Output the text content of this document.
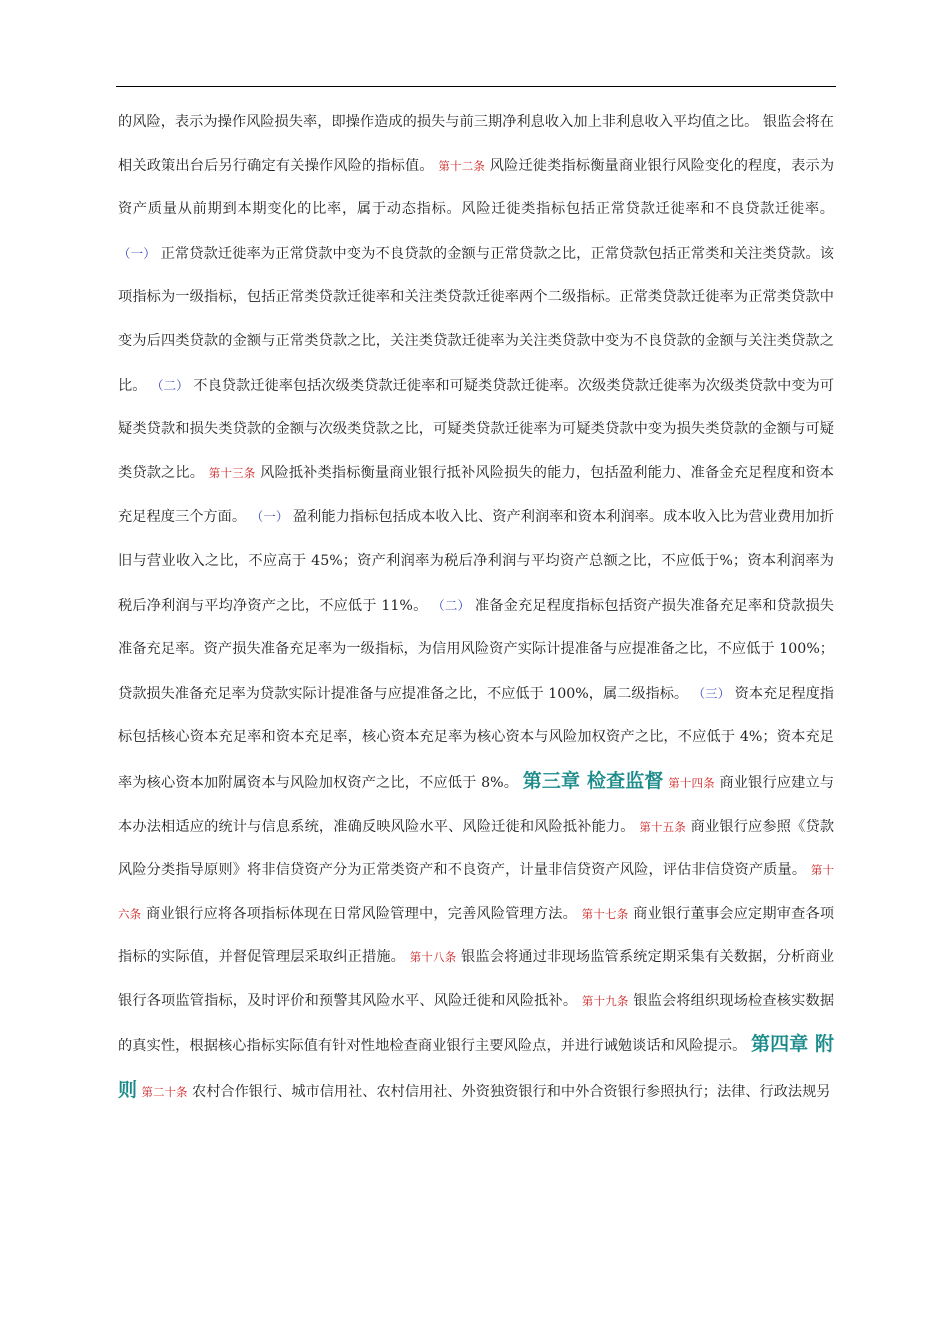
的风险，表示为操作风险损失率，即操作造成的损失与前三期净利息收入加上非利息收入平均值之比。 银监会将在相关政策出台后另行确定有关操作风险的指标值。 第十二条 风险迁徙类指标衡量商业银行风险变化的程度，表示为资产质量从前期到本期变化的比率，属于动态指标。风险迁徙类指标包括正常贷款迁徙率和不良贷款迁徙率。 （一） 正常贷款迁徙率为正常贷款中变为不良贷款的金额与正常贷款之比，正常贷款包括正常类和关注类贷款。该项指标为一级指标，包括正常类贷款迁徙率和关注类贷款迁徙率两个二级指标。正常类贷款迁徙率为正常类贷款中变为后四类贷款的金额与正常类贷款之比，关注类贷款迁徙率为关注类贷款中变为不良贷款的金额与关注类贷款之比。 （二） 不良贷款迁徙率包括次级类贷款迁徙率和可疑类贷款迁徙率。次级类贷款迁徙率为次级类贷款中变为可疑类贷款和损失类贷款的金额与次级类贷款之比，可疑类贷款迁徙率为可疑类贷款中变为损失类贷款的金额与可疑类贷款之比。 第十三条 风险抵补类指标衡量商业银行抵补风险损失的能力，包括盈利能力、准备金充足程度和资本充足程度三个方面。 （一） 盈利能力指标包括成本收入比、资产利润率和资本利润率。成本收入比为营业费用加折旧与营业收入之比，不应高于 45%；资产利润率为税后净利润与平均资产总额之比，不应低于%；资本利润率为税后净利润与平均净资产之比，不应低于 11%。 （二） 准备金充足程度指标包括资产损失准备充足率和贷款损失准备充足率。资产损失准备充足率为一级指标，为信用风险资产实际计提准备与应提准备之比，不应低于 100%；贷款损失准备充足率为贷款实际计提准备与应提准备之比，不应低于 100%，属二级指标。 （三） 资本充足程度指标包括核心资本充足率和资本充足率，核心资本充足率为核心资本与风险加权资产之比，不应低于 4%；资本充足率为核心资本加附属资本与风险加权资产之比，不应低于 8%。 第三章 检查监督 第十四条 商业银行应建立与本办法相适应的统计与信息系统，准确反映风险水平、风险迁徙和风险抵补能力。 第十五条 商业银行应参照《贷款风险分类指导原则》将非信贷资产分为正常类资产和不良资产，计量非信贷资产风险，评估非信贷资产质量。 第十六条 商业银行应将各项指标体现在日常风险管理中，完善风险管理方法。 第十七条 商业银行董事会应定期审查各项指标的实际值，并督促管理层采取纠正措施。 第十八条 银监会将通过非现场监管系统定期采集有关数据，分析商业银行各项监管指标，及时评价和预警其风险水平、风险迁徙和风险抵补。 第十九条 银监会将组织现场检查核实数据的真实性，根据核心指标实际值有针对性地检查商业银行主要风险点，并进行诫勉谈话和风险提示。 第四章 附则 第二十条 农村合作银行、城市信用社、农村信用社、外资独资银行和中外合资银行参照执行；法律、行政法规另
